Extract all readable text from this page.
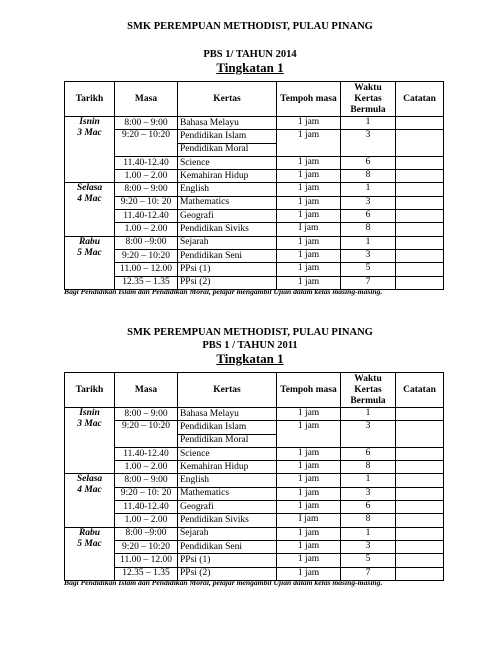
SMK PEREMPUAN METHODIST, PULAU PINANG
PBS 1/ TAHUN 2014
Tingkatan 1
Tarikh	Masa	Kertas	Tempoh masa	Waktu Kertas Bermula	Catatan

Isnin
3 Mac	8:00 – 9:00	Bahasa Melayu	1 jam	1	
	9:20 – 10:20	Pendidikan Islam	1 jam	3	
		Pendidikan Moral			
	11.40-12.40	Science	1 jam	6	
	1.00 – 2.00	Kemahiran Hidup	1 jam	8	

Selasa
4 Mac	8:00 – 9:00	English	1 jam	1	
	9:20 – 10: 20	Mathematics	1 jam	3	
	11.40-12.40	Geografi	1 jam	6	
	1.00 – 2.00	Pendidikan Siviks	I jam	8	

Rabu
5 Mac	8:00 –9:00	Sejarah	1 jam	1	
	9:20 – 10:20	Pendidikan Seni	1 jam	3	
	11.00 – 12.00	PPsi (1)	1 jam	5	
	12.35 – 1.35	PPsi (2)	1 jam	7	
Bagi Pendidikan Islam dan Pendidikan Moral, pelajar mengambil Ujian dalam kelas masing-masing.
SMK PEREMPUAN METHODIST, PULAU PINANG
PBS 1 / TAHUN 2011
Tingkatan 1
Tarikh	Masa	Kertas	Tempoh masa	Waktu Kertas Bermula	Catatan

Isnin
3 Mac	8:00 – 9:00	Bahasa Melayu	1 jam	1	
	9:20 – 10:20	Pendidikan Islam	1 jam	3	
		Pendidikan Moral			
	11.40-12.40	Science	1 jam	6	
	1.00 – 2.00	Kemahiran Hidup	1 jam	8	

Selasa
4 Mac	8:00 – 9:00	English	1 jam	1	
	9:20 – 10: 20	Mathematics	1 jam	3	
	11.40-12.40	Geografi	1 jam	6	
	1.00 – 2.00	Pendidikan Siviks	I jam	8	

Rabu
5 Mac	8:00 –9:00	Sejarah	1 jam	1	
	9:20 – 10:20	Pendidikan Seni	1 jam	3	
	11.00 – 12.00	PPsi (1)	1 jam	5	
	12.35 – 1.35	PPsi (2)	1 jam	7	
Bagi Pendidikan Islam dan Pendidikan Moral, pelajar mengambil Ujian dalam kelas masing-masing.
